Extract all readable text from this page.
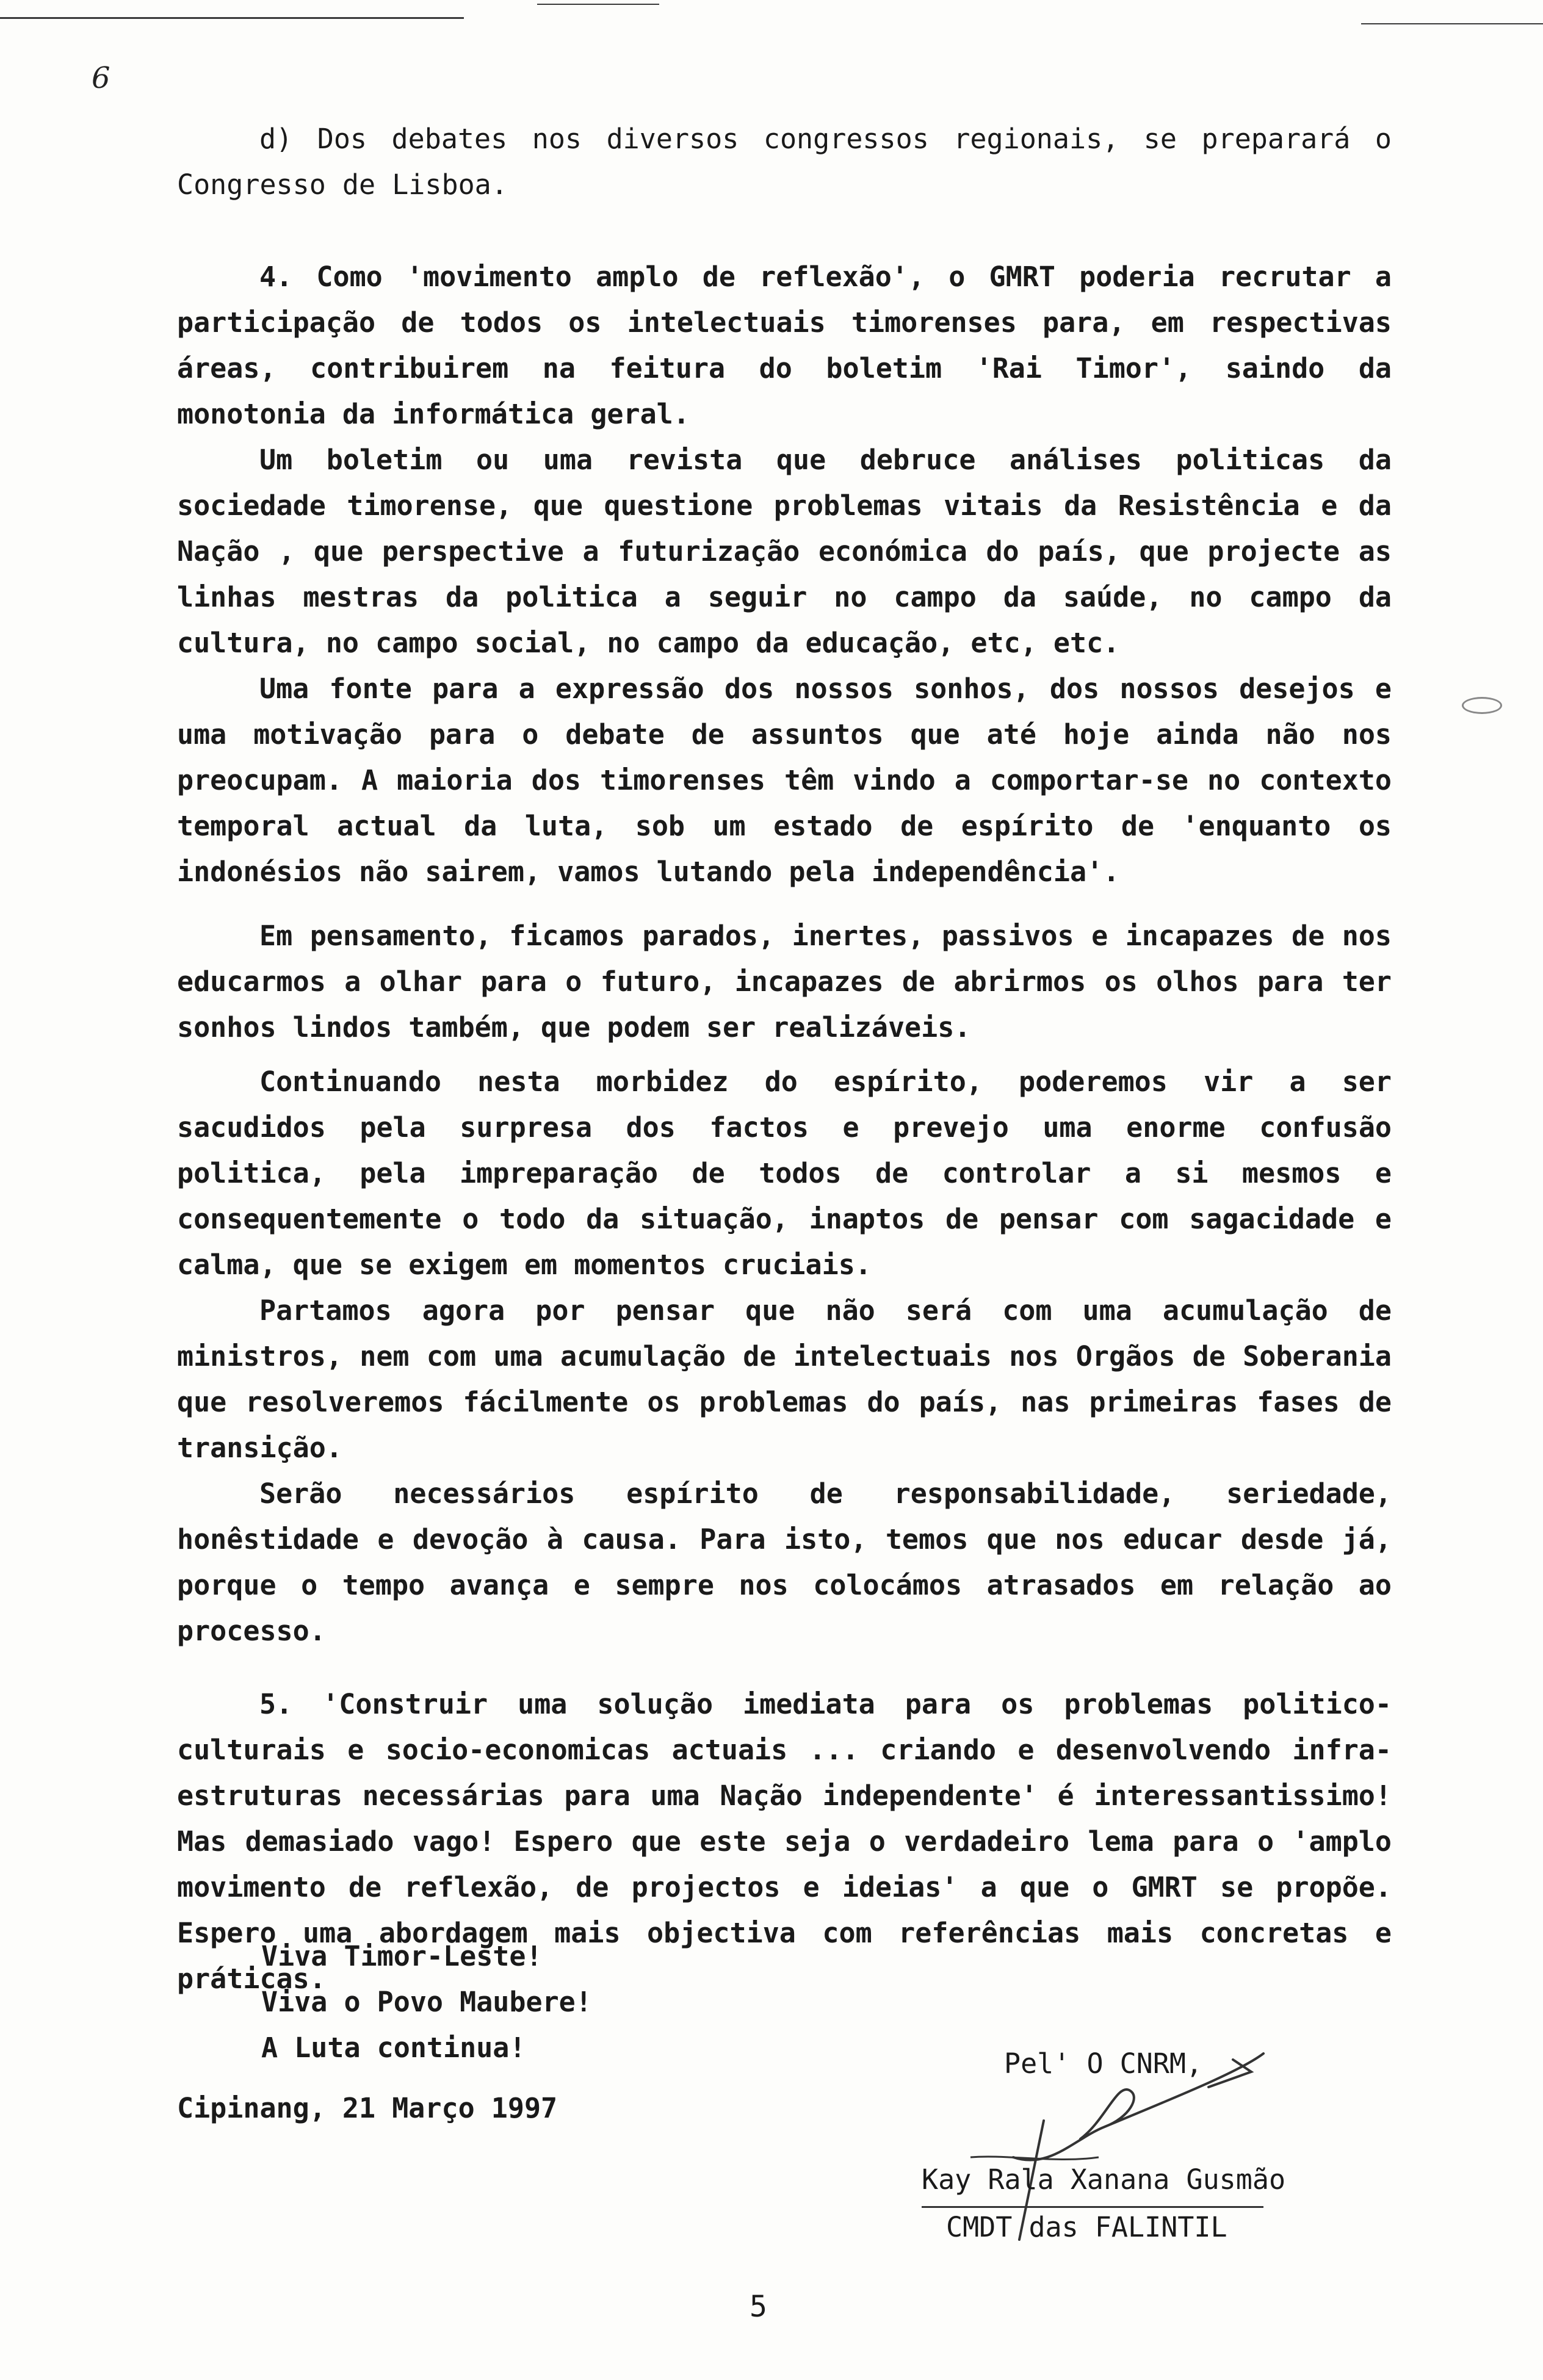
6

d) Dos debates nos diversos congressos regionais, se preparará o Congresso de Lisboa.

4. Como 'movimento amplo de reflexão', o GMRT poderia recrutar a participação de todos os intelectuais timorenses para, em respectivas áreas, contribuirem na feitura do boletim 'Rai Timor', saindo da monotonia da informática geral.

Um boletim ou uma revista que debruce análises politicas da sociedade timorense, que questione problemas vitais da Resistência e da Nação , que perspective a futurização económica do país, que projecte as linhas mestras da politica a seguir no campo da saúde, no campo da cultura, no campo social, no campo da educação, etc, etc.

Uma fonte para a expressão dos nossos sonhos, dos nossos desejos e uma motivação para o debate de assuntos que até hoje ainda não nos preocupam. A maioria dos timorenses têm vindo a comportar-se no contexto temporal actual da luta, sob um estado de espírito de 'enquanto os indonésios não sairem, vamos lutando pela independência'.

Em pensamento, ficamos parados, inertes, passivos e incapazes de nos educarmos a olhar para o futuro, incapazes de abrirmos os olhos para ter sonhos lindos também, que podem ser realizáveis.

Continuando nesta morbidez do espírito, poderemos vir a ser sacudidos pela surpresa dos factos e prevejo uma enorme confusão politica, pela impreparação de todos de controlar a si mesmos e consequentemente o todo da situação, inaptos de pensar com sagacidade e calma, que se exigem em momentos cruciais.

Partamos agora por pensar que não será com uma acumulação de ministros, nem com uma acumulação de intelectuais nos Orgãos de Soberania que resolveremos fácilmente os problemas do país, nas primeiras fases de transição.

Serão necessários espírito de responsabilidade, seriedade, honêstidade e devoção à causa. Para isto, temos que nos educar desde já, porque o tempo avança e sempre nos colocámos atrasados em relação ao processo.

5. 'Construir uma solução imediata para os problemas politico-culturais e socio-economicas actuais ... criando e desenvolvendo infra-estruturas necessárias para uma Nação independente' é interessantissimo! Mas demasiado vago! Espero que este seja o verdadeiro lema para o 'amplo movimento de reflexão, de projectos e ideias' a que o GMRT se propõe. Espero uma abordagem mais objectiva com referências mais concretas e práticas.

Viva Timor-Leste!

Viva o Povo Maubere!

A Luta continua!

Cipinang, 21 Março 1997
Pel' O CNRM,
Kay Rala Xanana Gusmão
CMDT das FALINTIL
5
